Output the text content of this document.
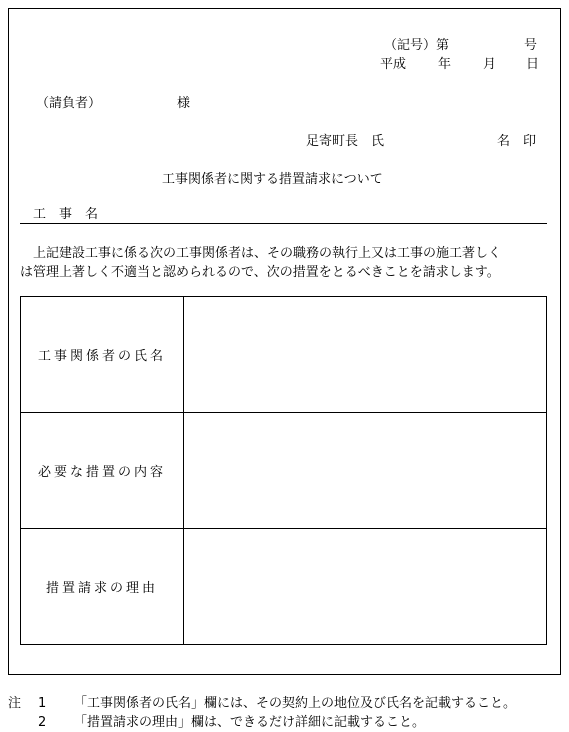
（記号）第	号
平成 年 月 日
（請負者）	様
足寄町長　氏	名　印
工事関係者に関する措置請求について
工　事　名
上記建設工事に係る次の工事関係者は、その職務の執行上又は工事の施工著しく
は管理上著しく不適当と認められるので、次の措置をとるべきことを請求します。
工事関係者の氏名	
必要な措置の内容	
措置請求の理由	
注 1 「工事関係者の氏名」欄には、その契約上の地位及び氏名を記載すること。
2 「措置請求の理由」欄は、できるだけ詳細に記載すること。
